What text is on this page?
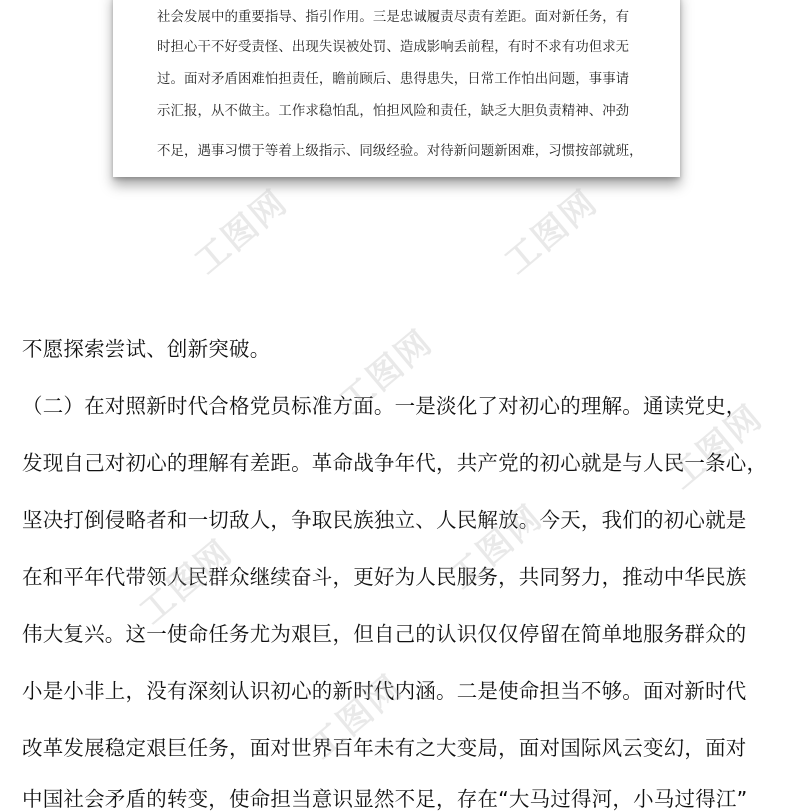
社会发展中的重要指导、指引作用。三是忠诚履责尽责有差距。面对新任务，有
时担心干不好受责怪、出现失误被处罚、造成影响丢前程，有时不求有功但求无
过。面对矛盾困难怕担责任，瞻前顾后、患得患失，日常工作怕出问题，事事请
示汇报，从不做主。工作求稳怕乱，怕担风险和责任，缺乏大胆负责精神、冲劲
不足，遇事习惯于等着上级指示、同级经验。对待新问题新困难，习惯按部就班，
不愿探索尝试、创新突破。
（二）在对照新时代合格党员标准方面。一是淡化了对初心的理解。通读党史，
发现自己对初心的理解有差距。革命战争年代，共产党的初心就是与人民一条心，
坚决打倒侵略者和一切敌人，争取民族独立、人民解放。今天，我们的初心就是
在和平年代带领人民群众继续奋斗，更好为人民服务，共同努力，推动中华民族
伟大复兴。这一使命任务尤为艰巨，但自己的认识仅仅停留在简单地服务群众的
小是小非上，没有深刻认识初心的新时代内涵。二是使命担当不够。面对新时代
改革发展稳定艰巨任务，面对世界百年未有之大变局，面对国际风云变幻，面对
中国社会矛盾的转变，使命担当意识显然不足，存在“大马过得河，小马过得江”
工图网	工图网
工图网
工图网	工图网
工图网
工图网
